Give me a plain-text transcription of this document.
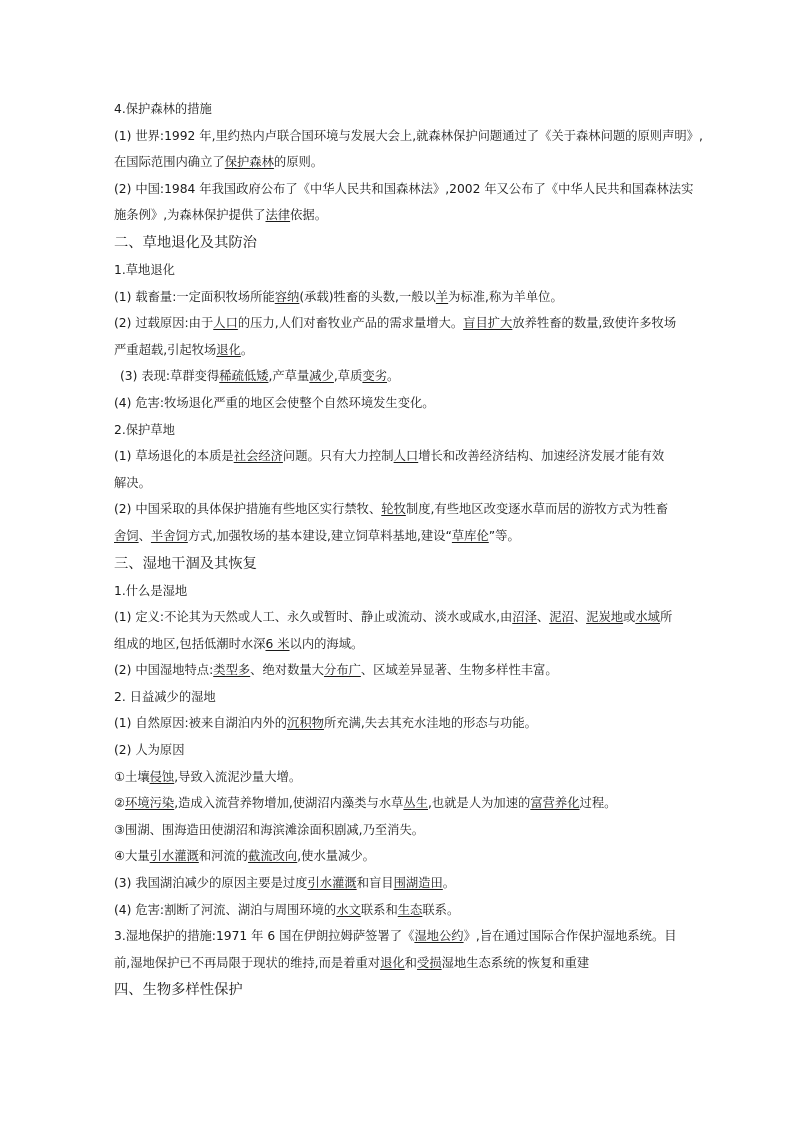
4.保护森林的措施
(1) 世界:1992 年,里约热内卢联合国环境与发展大会上,就森林保护问题通过了《关于森林问题的原则声明》,
在国际范围内确立了保护森林的原则。
(2) 中国:1984 年我国政府公布了《中华人民共和国森林法》,2002 年又公布了《中华人民共和国森林法实
施条例》,为森林保护提供了法律依据。
二、草地退化及其防治
1.草地退化
(1) 载畜量:一定面积牧场所能容纳(承载)牲畜的头数,一般以羊为标准,称为羊单位。
(2) 过载原因:由于人口的压力,人们对畜牧业产品的需求量增大。盲目扩大放养牲畜的数量,致使许多牧场
严重超载,引起牧场退化。
(3) 表现:草群变得稀疏低矮,产草量减少,草质变劣。
(4) 危害:牧场退化严重的地区会使整个自然环境发生变化。
2.保护草地
(1) 草场退化的本质是社会经济问题。只有大力控制人口增长和改善经济结构、加速经济发展才能有效
解决。
(2) 中国采取的具体保护措施有些地区实行禁牧、轮牧制度,有些地区改变逐水草而居的游牧方式为牲畜
舍饲、半舍饲方式,加强牧场的基本建设,建立饲草料基地,建设“草库伦”等。
三、湿地干涸及其恢复
1.什么是湿地
(1) 定义:不论其为天然或人工、永久或暂时、静止或流动、淡水或咸水,由沼泽、泥沼、泥炭地或水域所
组成的地区,包括低潮时水深6 米以内的海域。
(2) 中国湿地特点:类型多、绝对数量大分布广、区域差异显著、生物多样性丰富。
2. 日益减少的湿地
(1) 自然原因:被来自湖泊内外的沉积物所充满,失去其充水洼地的形态与功能。
(2) 人为原因
①土壤侵蚀,导致入流泥沙量大增。
②环境污染,造成入流营养物增加,使湖沼内藻类与水草丛生,也就是人为加速的富营养化过程。
③围湖、围海造田使湖沼和海滨滩涂面积剧减,乃至消失。
④大量引水灌溉和河流的截流改向,使水量减少。
(3) 我国湖泊减少的原因主要是过度引水灌溉和盲目围湖造田。
(4) 危害:割断了河流、湖泊与周围环境的水文联系和生态联系。
3.湿地保护的措施:1971 年 6 国在伊朗拉姆萨签署了《湿地公约》,旨在通过国际合作保护湿地系统。目
前,湿地保护已不再局限于现状的维持,而是着重对退化和受损湿地生态系统的恢复和重建
四、生物多样性保护
